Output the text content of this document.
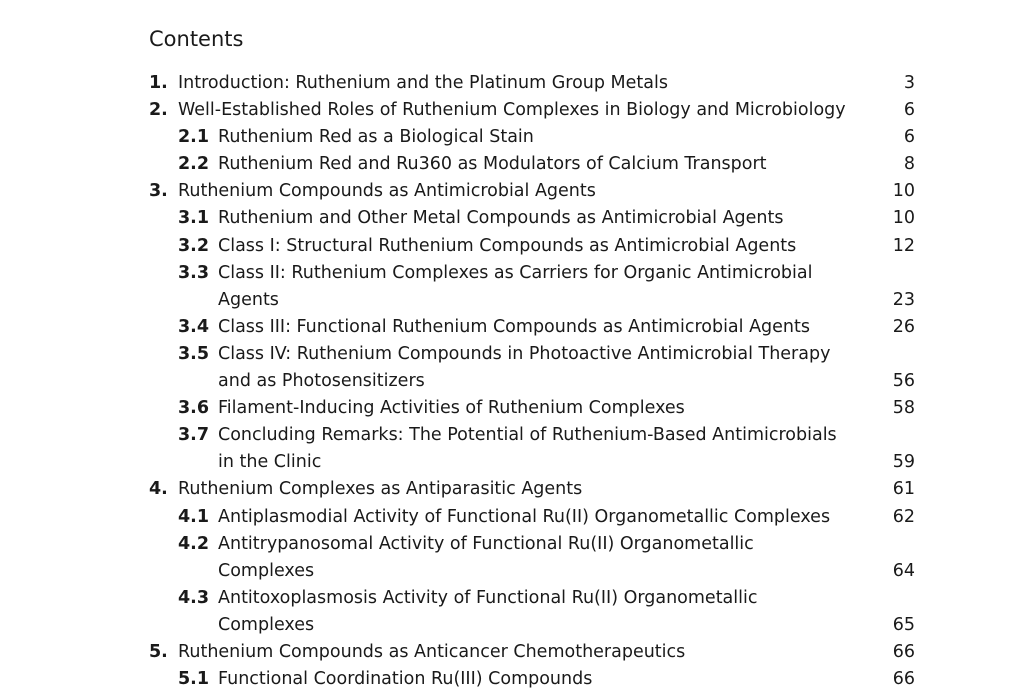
Contents
1. Introduction: Ruthenium and the Platinum Group Metals	3
2. Well-Established Roles of Ruthenium Complexes in Biology and Microbiology	6
2.1 Ruthenium Red as a Biological Stain	6
2.2 Ruthenium Red and Ru360 as Modulators of Calcium Transport	8
3. Ruthenium Compounds as Antimicrobial Agents	10
3.1 Ruthenium and Other Metal Compounds as Antimicrobial Agents	10
3.2 Class I: Structural Ruthenium Compounds as Antimicrobial Agents	12
3.3 Class II: Ruthenium Complexes as Carriers for Organic Antimicrobial Agents	23
3.4 Class III: Functional Ruthenium Compounds as Antimicrobial Agents	26
3.5 Class IV: Ruthenium Compounds in Photoactive Antimicrobial Therapy and as Photosensitizers	56
3.6 Filament-Inducing Activities of Ruthenium Complexes	58
3.7 Concluding Remarks: The Potential of Ruthenium-Based Antimicrobials in the Clinic	59
4. Ruthenium Complexes as Antiparasitic Agents	61
4.1 Antiplasmodial Activity of Functional Ru(II) Organometallic Complexes	62
4.2 Antitrypanosomal Activity of Functional Ru(II) Organometallic Complexes	64
4.3 Antitoxoplasmosis Activity of Functional Ru(II) Organometallic Complexes	65
5. Ruthenium Compounds as Anticancer Chemotherapeutics	66
5.1 Functional Coordination Ru(III) Compounds	66
